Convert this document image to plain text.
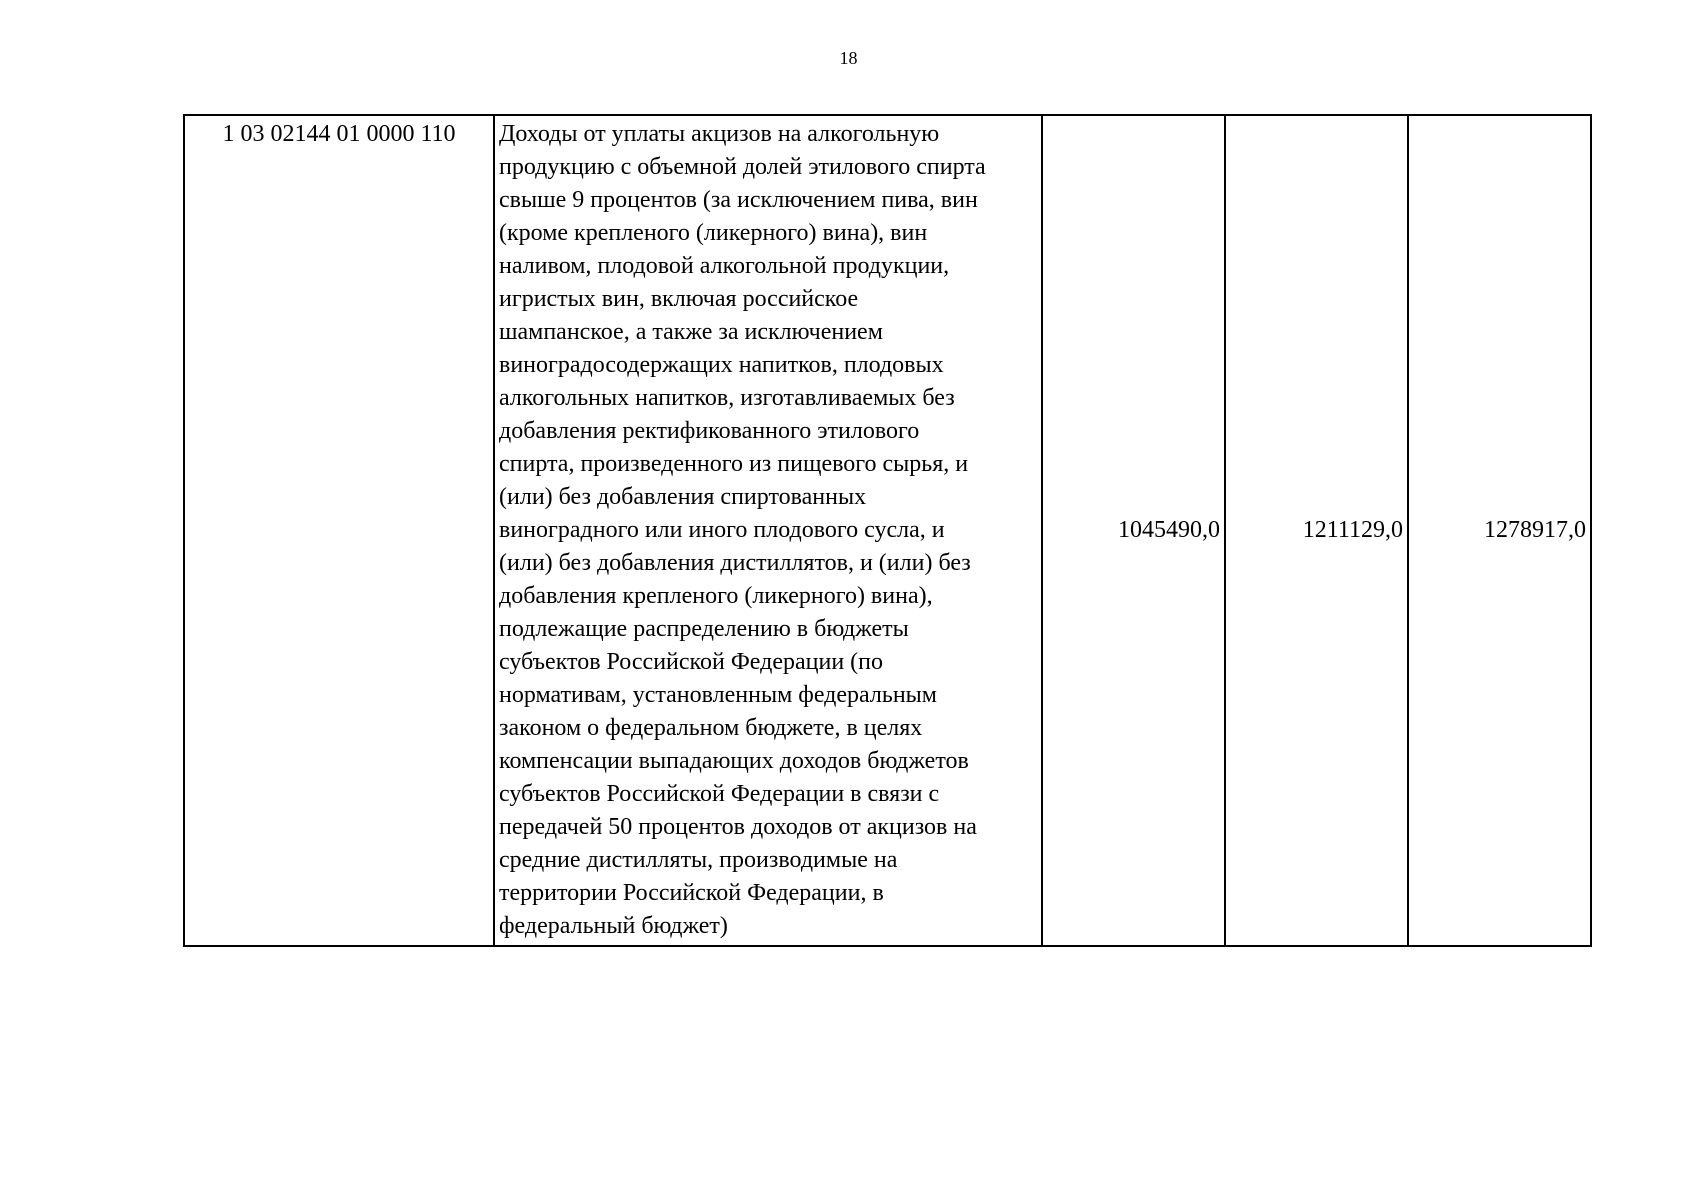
18
1 03 02144 01 0000 110	Доходы от уплаты акцизов на алкогольную
продукцию с объемной долей этилового спирта
свыше 9 процентов (за исключением пива, вин
(кроме крепленого (ликерного) вина), вин
наливом, плодовой алкогольной продукции,
игристых вин, включая российское
шампанское, а также за исключением
виноградосодержащих напитков, плодовых
алкогольных напитков, изготавливаемых без
добавления ректификованного этилового
спирта, произведенного из пищевого сырья, и
(или) без добавления спиртованных
виноградного или иного плодового сусла, и
(или) без добавления дистиллятов, и (или) без
добавления крепленого (ликерного) вина),
подлежащие распределению в бюджеты
субъектов Российской Федерации (по
нормативам, установленным федеральным
законом о федеральном бюджете, в целях
компенсации выпадающих доходов бюджетов
субъектов Российской Федерации в связи с
передачей 50 процентов доходов от акцизов на
средние дистилляты, производимые на
территории Российской Федерации, в
федеральный бюджет)
	1045490,0	1211129,0	1278917,0
